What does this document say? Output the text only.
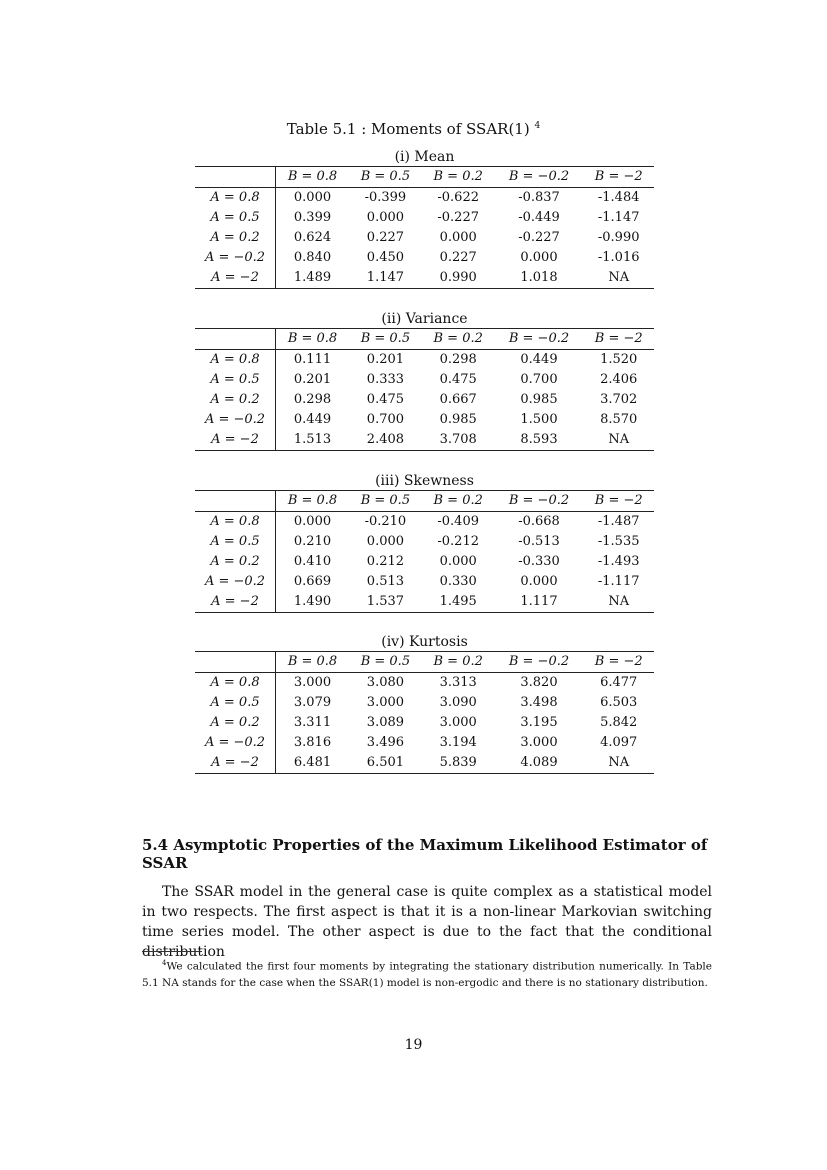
Table 5.1 : Moments of SSAR(1) $^4$
(i) Mean
	B = 0.8	B = 0.5	B = 0.2	B = −0.2	B = −2
A = 0.8	0.000	-0.399	-0.622	-0.837	-1.484
A = 0.5	0.399	0.000	-0.227	-0.449	-1.147
A = 0.2	0.624	0.227	0.000	-0.227	-0.990
A = −0.2	0.840	0.450	0.227	0.000	-1.016
A = −2	1.489	1.147	0.990	1.018	NA
(ii) Variance
	B = 0.8	B = 0.5	B = 0.2	B = −0.2	B = −2
A = 0.8	0.111	0.201	0.298	0.449	1.520
A = 0.5	0.201	0.333	0.475	0.700	2.406
A = 0.2	0.298	0.475	0.667	0.985	3.702
A = −0.2	0.449	0.700	0.985	1.500	8.570
A = −2	1.513	2.408	3.708	8.593	NA
(iii) Skewness
	B = 0.8	B = 0.5	B = 0.2	B = −0.2	B = −2
A = 0.8	0.000	-0.210	-0.409	-0.668	-1.487
A = 0.5	0.210	0.000	-0.212	-0.513	-1.535
A = 0.2	0.410	0.212	0.000	-0.330	-1.493
A = −0.2	0.669	0.513	0.330	0.000	-1.117
A = −2	1.490	1.537	1.495	1.117	NA
(iv) Kurtosis
	B = 0.8	B = 0.5	B = 0.2	B = −0.2	B = −2
A = 0.8	3.000	3.080	3.313	3.820	6.477
A = 0.5	3.079	3.000	3.090	3.498	6.503
A = 0.2	3.311	3.089	3.000	3.195	5.842
A = −0.2	3.816	3.496	3.194	3.000	4.097
A = −2	6.481	6.501	5.839	4.089	NA
5.4 Asymptotic Properties of the Maximum Likelihood Estimator of SSAR
The SSAR model in the general case is quite complex as a statistical model in two respects. The first aspect is that it is a non-linear Markovian switching time series model. The other aspect is due to the fact that the conditional distribution
$^4$We calculated the first four moments by integrating the stationary distribution numerically. In Table 5.1 NA stands for the case when the SSAR(1) model is non-ergodic and there is no stationary distribution.
19
